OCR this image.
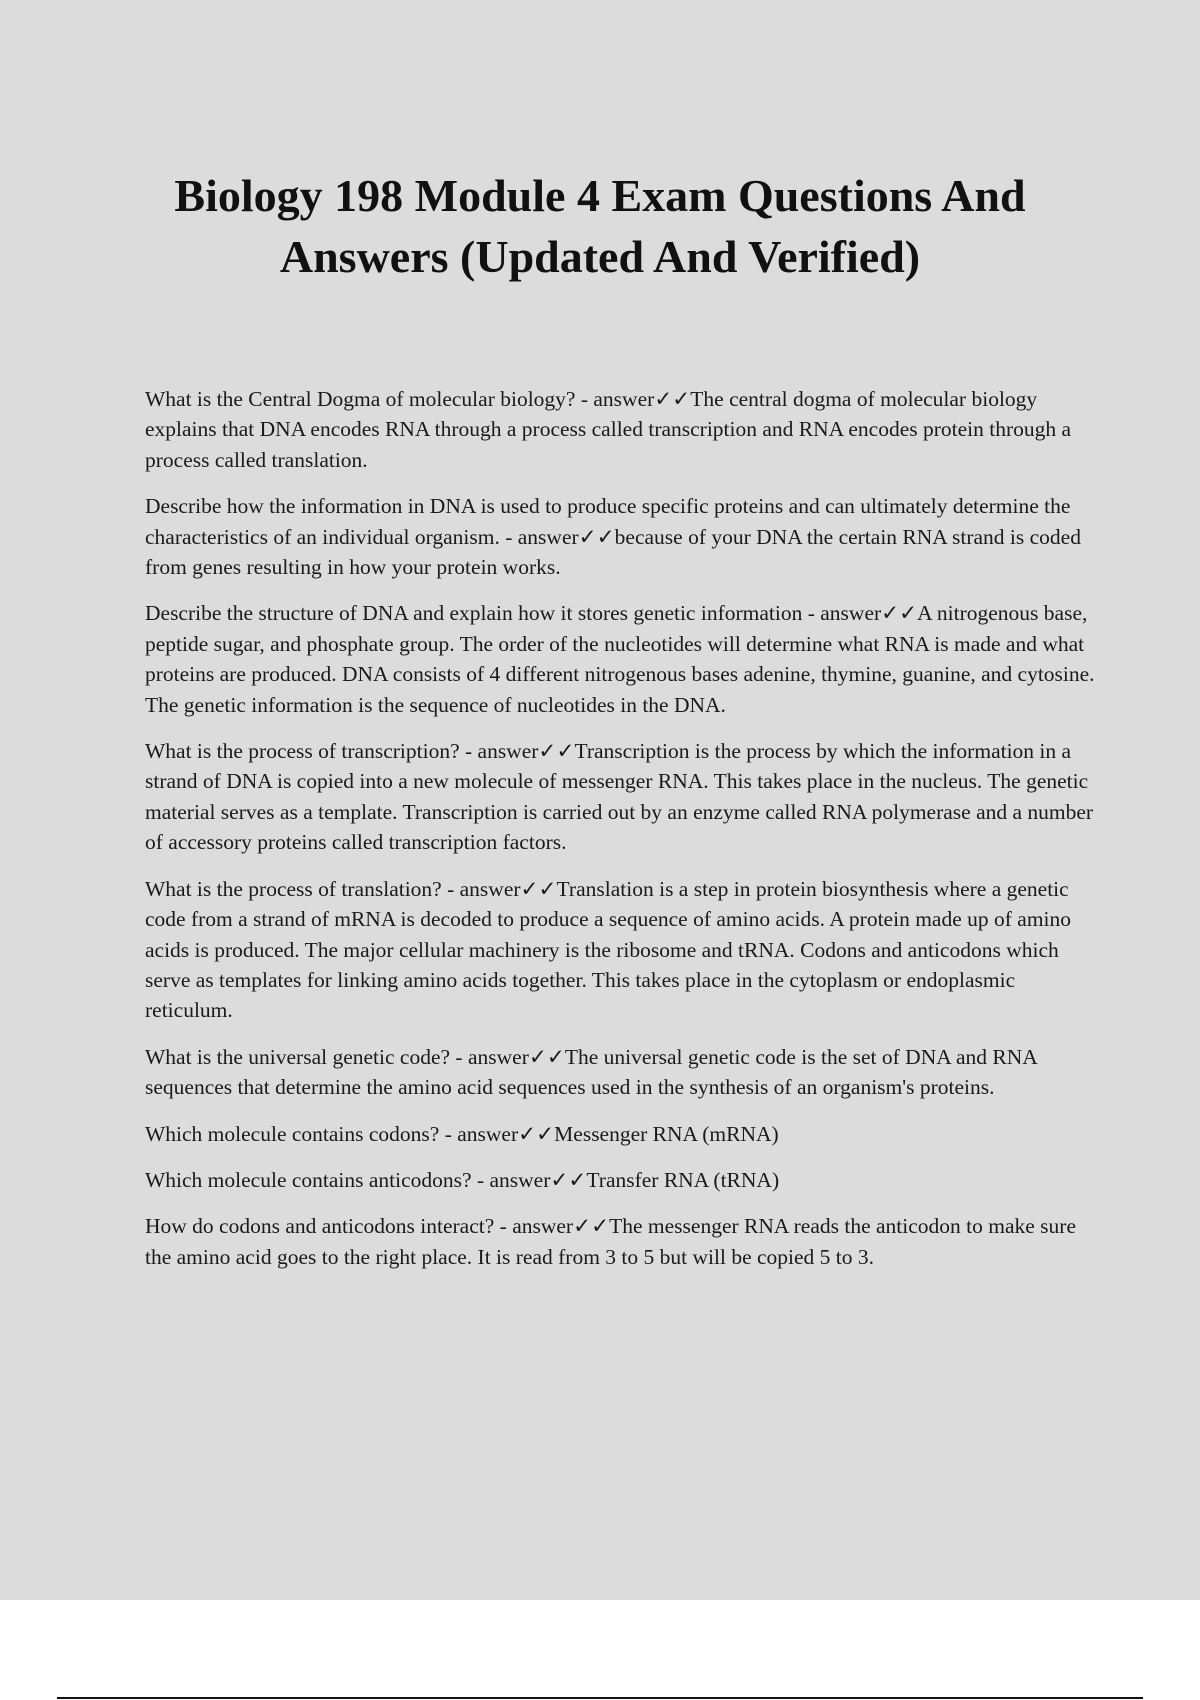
Biology 198 Module 4 Exam Questions And Answers (Updated And Verified)

What is the Central Dogma of molecular biology? - answer✓✓The central dogma of molecular biology explains that DNA encodes RNA through a process called transcription and RNA encodes protein through a process called translation.

Describe how the information in DNA is used to produce specific proteins and can ultimately determine the characteristics of an individual organism. - answer✓✓because of your DNA the certain RNA strand is coded from genes resulting in how your protein works.

Describe the structure of DNA and explain how it stores genetic information - answer✓✓A nitrogenous base, peptide sugar, and phosphate group. The order of the nucleotides will determine what RNA is made and what proteins are produced. DNA consists of 4 different nitrogenous bases adenine, thymine, guanine, and cytosine. The genetic information is the sequence of nucleotides in the DNA.

What is the process of transcription? - answer✓✓Transcription is the process by which the information in a strand of DNA is copied into a new molecule of messenger RNA. This takes place in the nucleus. The genetic material serves as a template. Transcription is carried out by an enzyme called RNA polymerase and a number of accessory proteins called transcription factors.

What is the process of translation? - answer✓✓Translation is a step in protein biosynthesis where a genetic code from a strand of mRNA is decoded to produce a sequence of amino acids. A protein made up of amino acids is produced. The major cellular machinery is the ribosome and tRNA. Codons and anticodons which serve as templates for linking amino acids together. This takes place in the cytoplasm or endoplasmic reticulum.

What is the universal genetic code? - answer✓✓The universal genetic code is the set of DNA and RNA sequences that determine the amino acid sequences used in the synthesis of an organism's proteins.

Which molecule contains codons? - answer✓✓Messenger RNA (mRNA)

Which molecule contains anticodons? - answer✓✓Transfer RNA (tRNA)

How do codons and anticodons interact? - answer✓✓The messenger RNA reads the anticodon to make sure the amino acid goes to the right place. It is read from 3 to 5 but will be copied 5 to 3.
